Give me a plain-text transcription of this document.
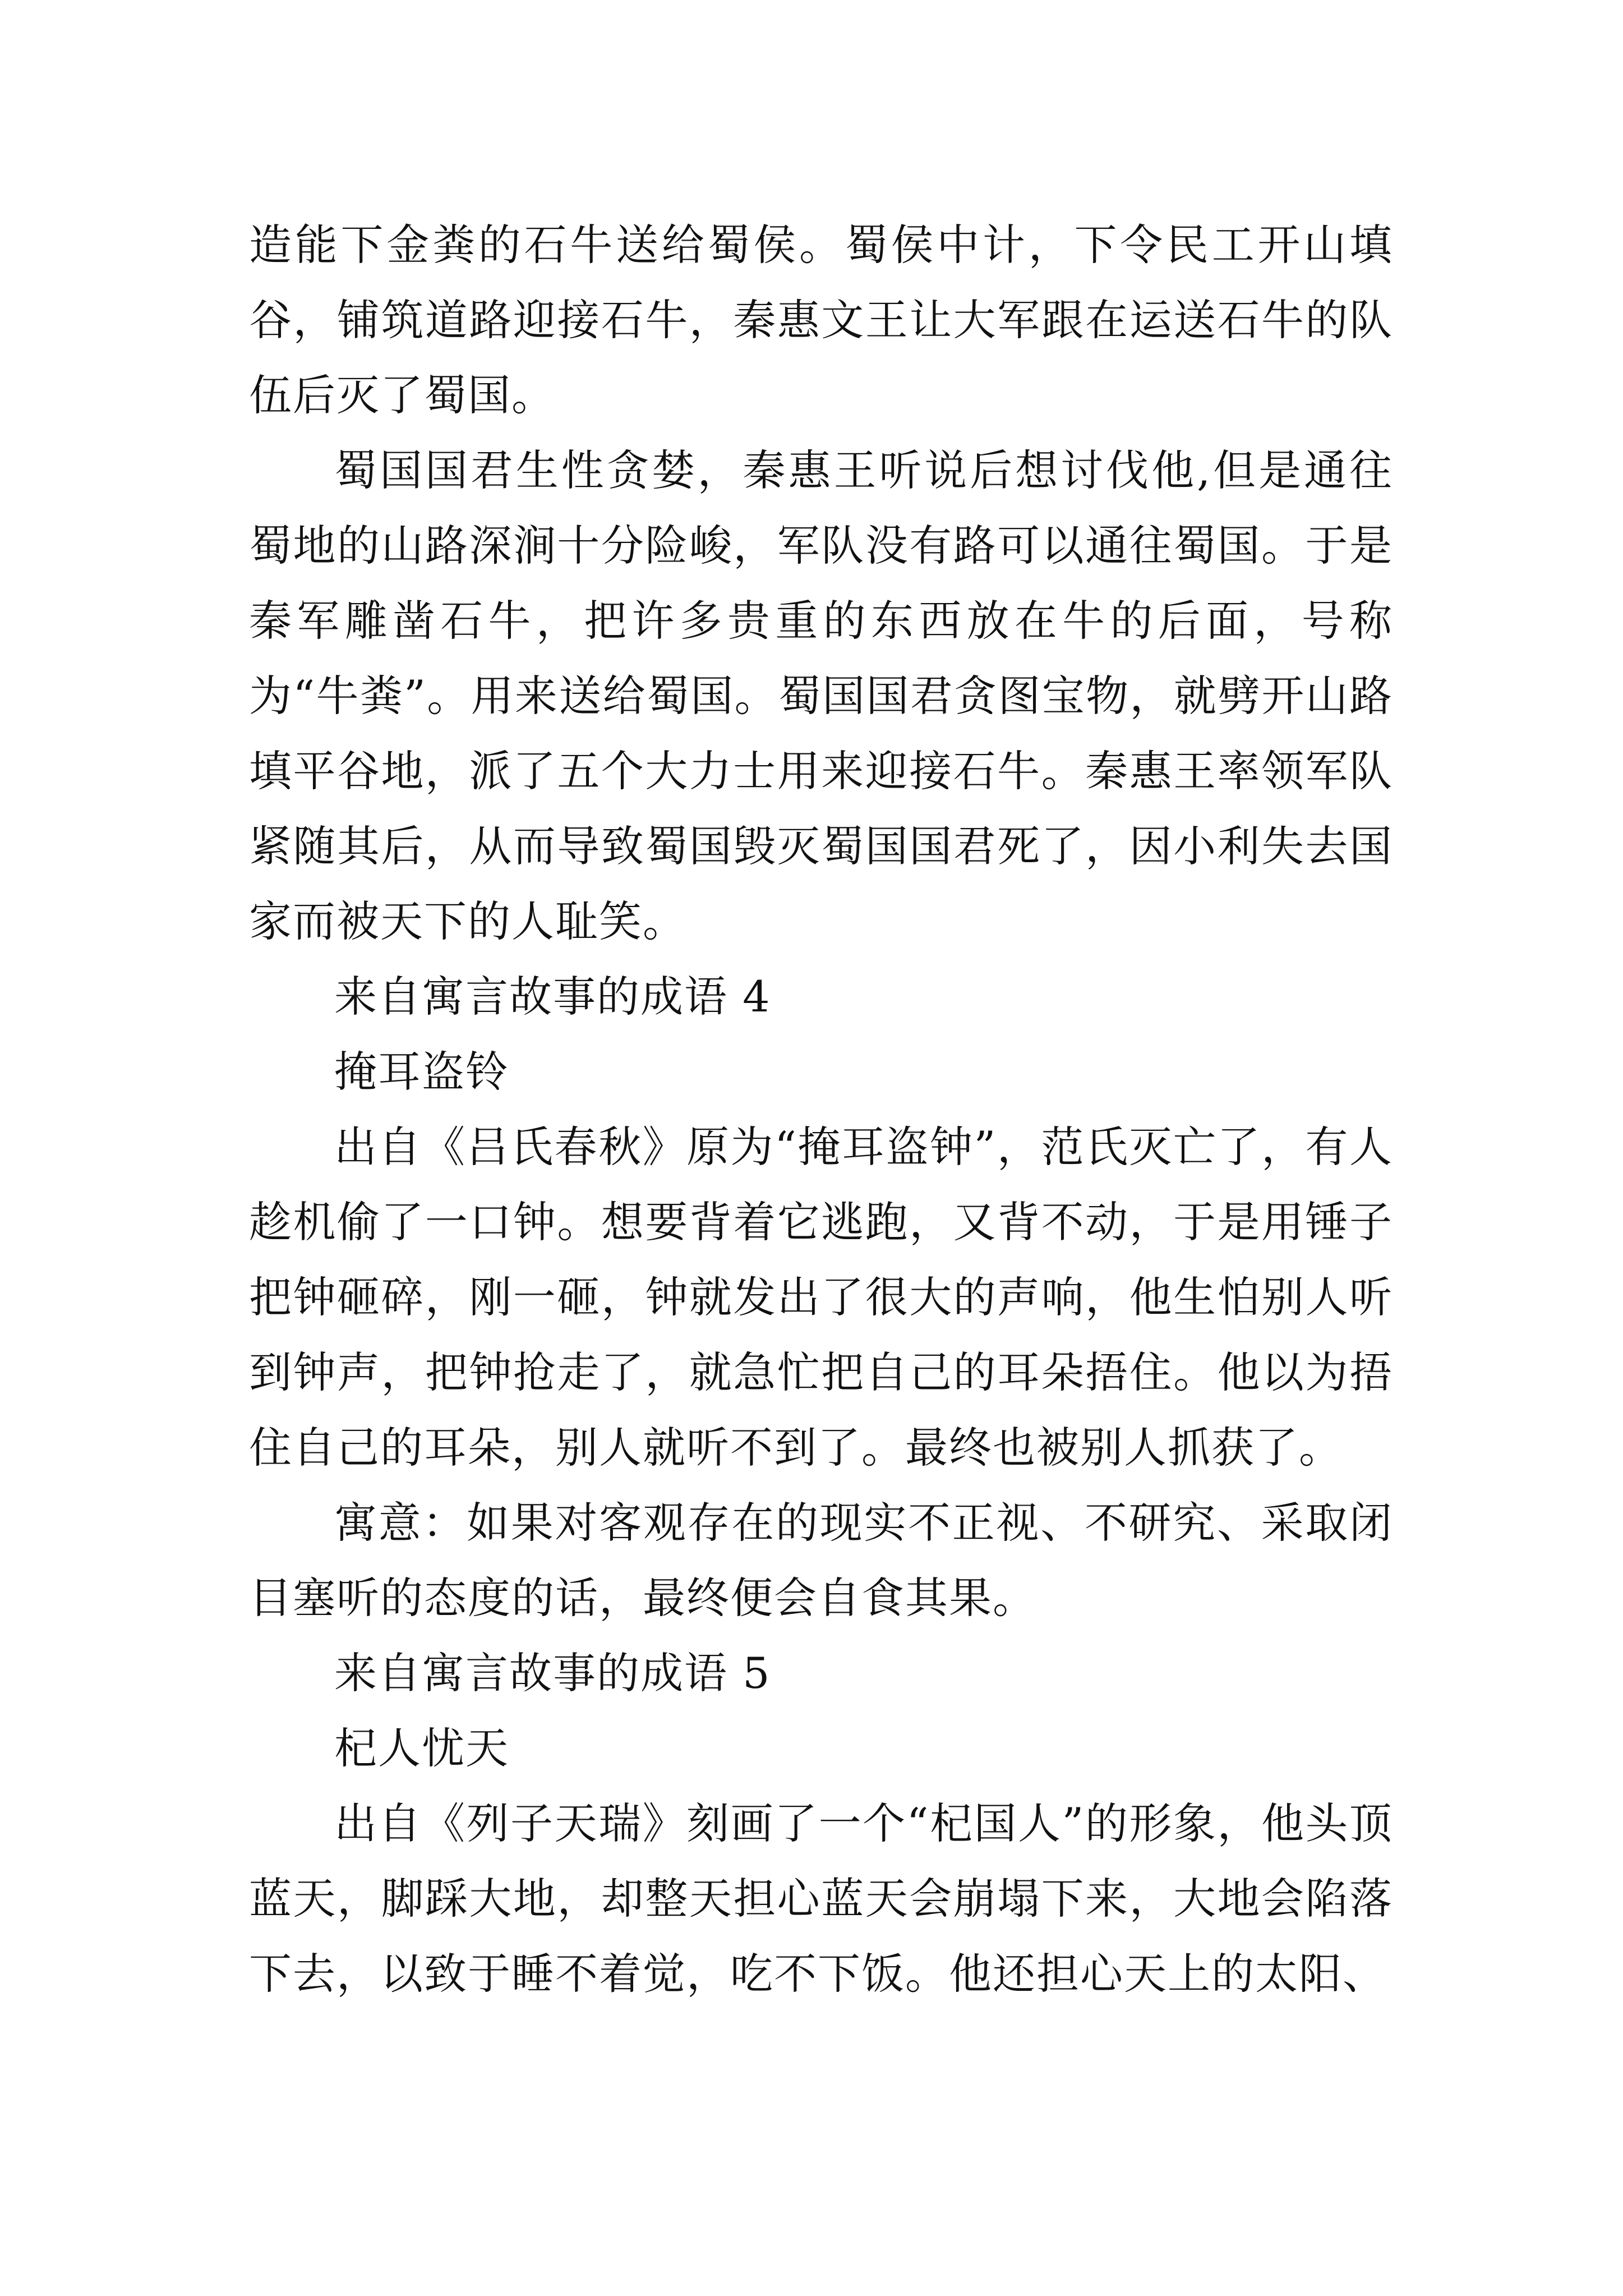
造能下金粪的石牛送给蜀侯。蜀侯中计，下令民工开山填谷，铺筑道路迎接石牛，秦惠文王让大军跟在运送石牛的队伍后灭了蜀国。

蜀国国君生性贪婪，秦惠王听说后想讨伐他,但是通往蜀地的山路深涧十分险峻，军队没有路可以通往蜀国。于是秦军雕凿石牛，把许多贵重的东西放在牛的后面，号称为“牛粪”。用来送给蜀国。蜀国国君贪图宝物，就劈开山路填平谷地，派了五个大力士用来迎接石牛。秦惠王率领军队紧随其后，从而导致蜀国毁灭蜀国国君死了，因小利失去国家而被天下的人耻笑。

来自寓言故事的成语 4

掩耳盗铃

出自《吕氏春秋》原为“掩耳盗钟”，范氏灭亡了，有人趁机偷了一口钟。想要背着它逃跑，又背不动，于是用锤子把钟砸碎，刚一砸，钟就发出了很大的声响，他生怕别人听到钟声，把钟抢走了，就急忙把自己的耳朵捂住。他以为捂住自己的耳朵，别人就听不到了。最终也被别人抓获了。

寓意：如果对客观存在的现实不正视、不研究、采取闭目塞听的态度的话，最终便会自食其果。

来自寓言故事的成语 5

杞人忧天

出自《列子天瑞》刻画了一个“杞国人”的形象，他头顶蓝天，脚踩大地，却整天担心蓝天会崩塌下来，大地会陷落下去，以致于睡不着觉，吃不下饭。他还担心天上的太阳、
